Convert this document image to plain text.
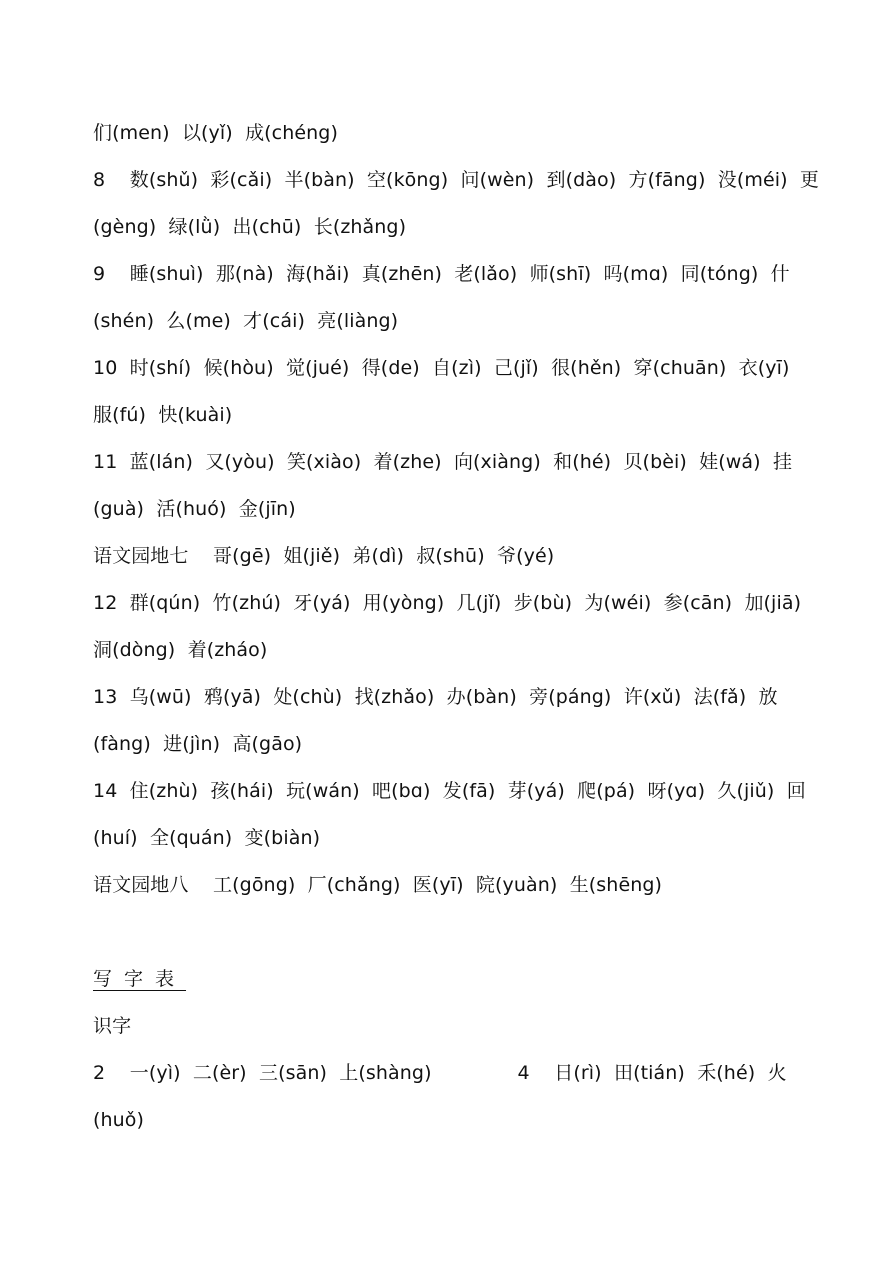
们(men)  以(yǐ)  成(chéng)
8    数(shǔ)  彩(cǎi)  半(bàn)  空(kōng)  问(wèn)  到(dào)  方(fāng)  没(méi)  更
(gèng)  绿(lǜ)  出(chū)  长(zhǎng)
9    睡(shuì)  那(nà)  海(hǎi)  真(zhēn)  老(lǎo)  师(shī)  吗(mɑ)  同(tóng)  什
(shén)  么(me)  才(cái)  亮(liàng)
10  时(shí)  候(hòu)  觉(jué)  得(de)  自(zì)  己(jǐ)  很(hěn)  穿(chuān)  衣(yī)
服(fú)  快(kuài)
11  蓝(lán)  又(yòu)  笑(xiào)  着(zhe)  向(xiàng)  和(hé)  贝(bèi)  娃(wá)  挂
(guà)  活(huó)  金(jīn)
语文园地七    哥(gē)  姐(jiě)  弟(dì)  叔(shū)  爷(yé)
12  群(qún)  竹(zhú)  牙(yá)  用(yòng)  几(jǐ)  步(bù)  为(wéi)  参(cān)  加(jiā)
洞(dòng)  着(zháo)
13  乌(wū)  鸦(yā)  处(chù)  找(zhǎo)  办(bàn)  旁(páng)  许(xǔ)  法(fǎ)  放
(fàng)  进(jìn)  高(gāo)
14  住(zhù)  孩(hái)  玩(wán)  吧(bɑ)  发(fā)  芽(yá)  爬(pá)  呀(yɑ)  久(jiǔ)  回
(huí)  全(quán)  变(biàn)
语文园地八    工(gōng)  厂(chǎng)  医(yī)  院(yuàn)  生(shēng)
写字表
识字
2    一(yì)  二(èr)  三(sān)  上(shàng)              4    日(rì)  田(tián)  禾(hé)  火
(huǒ)
